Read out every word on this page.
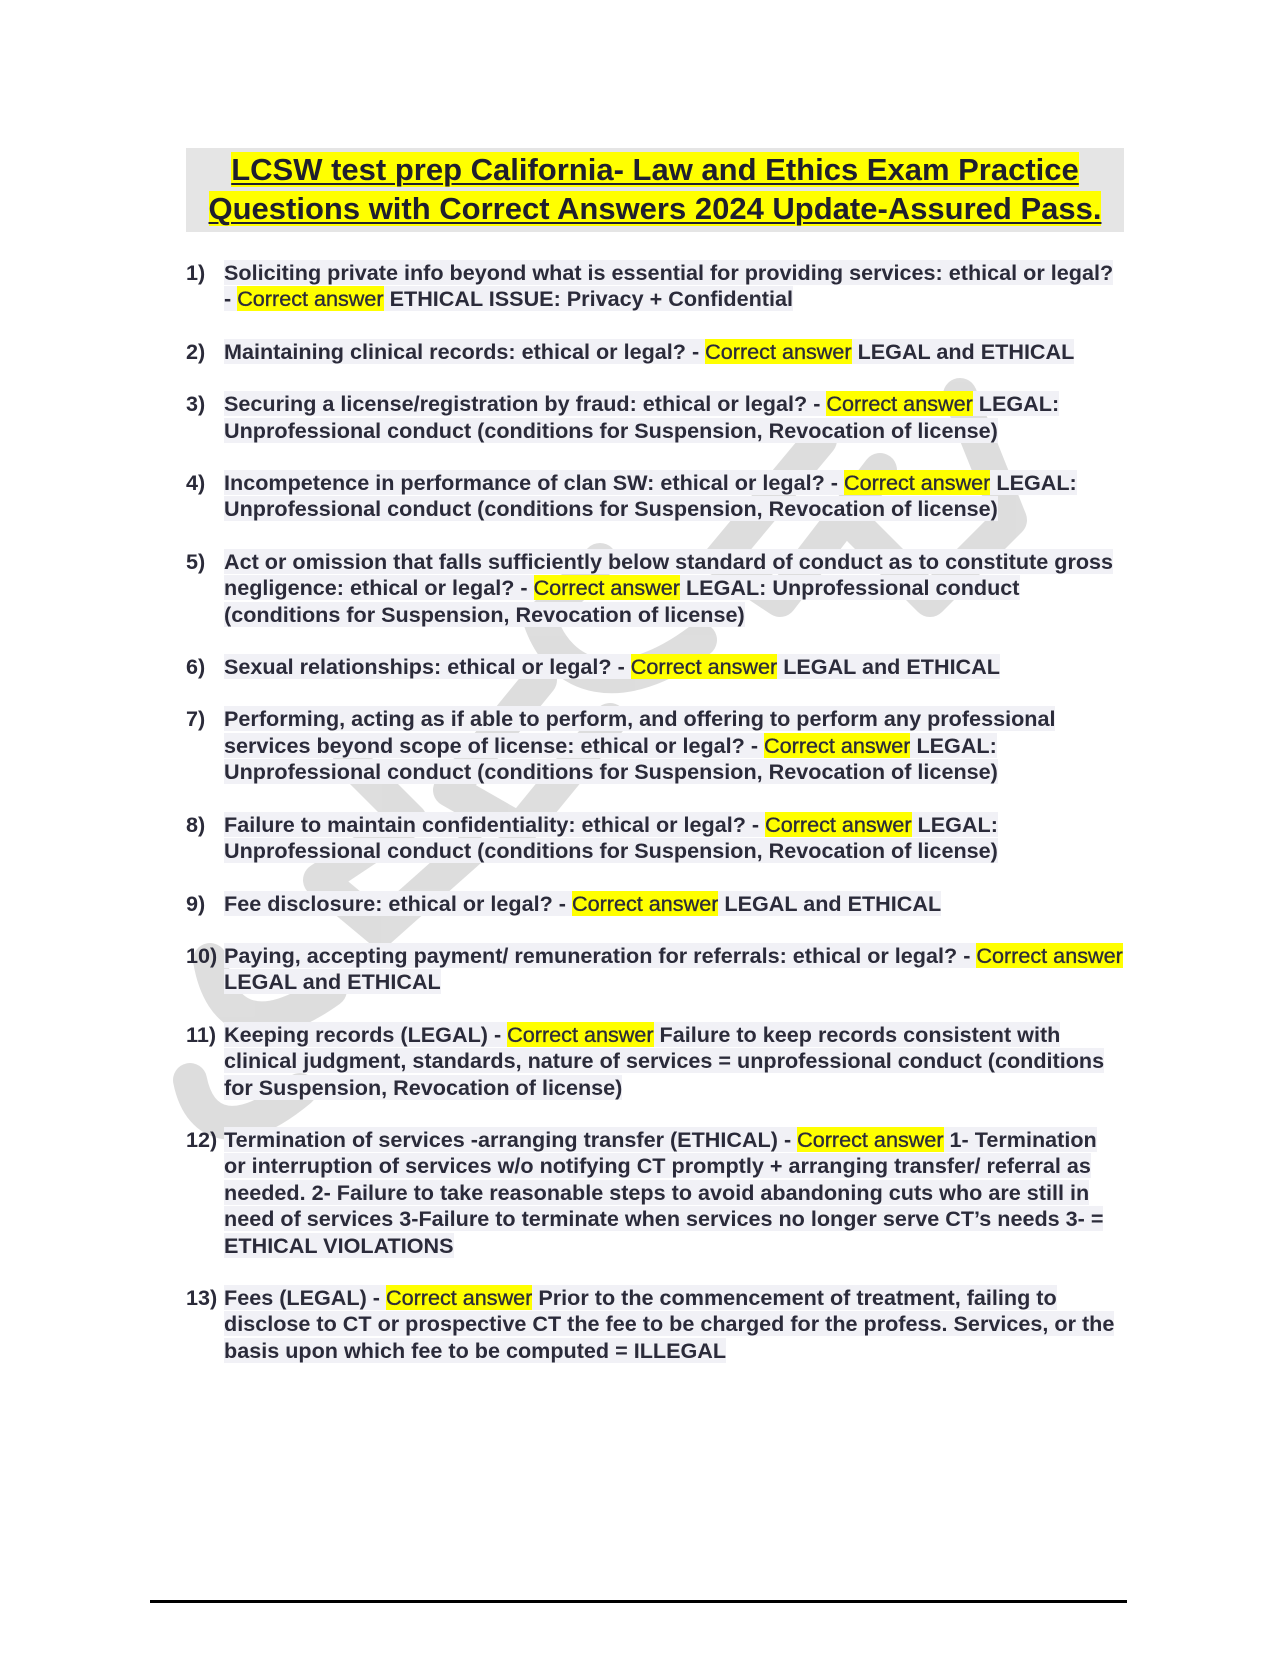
LCSW test prep California- Law and Ethics Exam Practice Questions with Correct Answers 2024 Update-Assured Pass.
1) Soliciting private info beyond what is essential for providing services: ethical or legal? - Correct answer ETHICAL ISSUE: Privacy + Confidential
2) Maintaining clinical records: ethical or legal? - Correct answer LEGAL and ETHICAL
3) Securing a license/registration by fraud: ethical or legal? - Correct answer LEGAL: Unprofessional conduct (conditions for Suspension, Revocation of license)
4) Incompetence in performance of clan SW: ethical or legal? - Correct answer LEGAL: Unprofessional conduct (conditions for Suspension, Revocation of license)
5) Act or omission that falls sufficiently below standard of conduct as to constitute gross negligence: ethical or legal? - Correct answer LEGAL: Unprofessional conduct (conditions for Suspension, Revocation of license)
6) Sexual relationships: ethical or legal? - Correct answer LEGAL and ETHICAL
7) Performing, acting as if able to perform, and offering to perform any professional services beyond scope of license: ethical or legal? - Correct answer LEGAL: Unprofessional conduct (conditions for Suspension, Revocation of license)
8) Failure to maintain confidentiality: ethical or legal? - Correct answer LEGAL: Unprofessional conduct (conditions for Suspension, Revocation of license)
9) Fee disclosure: ethical or legal? - Correct answer LEGAL and ETHICAL
10) Paying, accepting payment/ remuneration for referrals: ethical or legal? - Correct answer LEGAL and ETHICAL
11) Keeping records (LEGAL) - Correct answer Failure to keep records consistent with clinical judgment, standards, nature of services = unprofessional conduct (conditions for Suspension, Revocation of license)
12) Termination of services -arranging transfer (ETHICAL) - Correct answer 1- Termination or interruption of services w/o notifying CT promptly + arranging transfer/ referral as needed. 2- Failure to take reasonable steps to avoid abandoning cuts who are still in need of services 3-Failure to terminate when services no longer serve CT’s needs 3- = ETHICAL VIOLATIONS
13) Fees (LEGAL) - Correct answer Prior to the commencement of treatment, failing to disclose to CT or prospective CT the fee to be charged for the profess. Services, or the basis upon which fee to be computed = ILLEGAL
